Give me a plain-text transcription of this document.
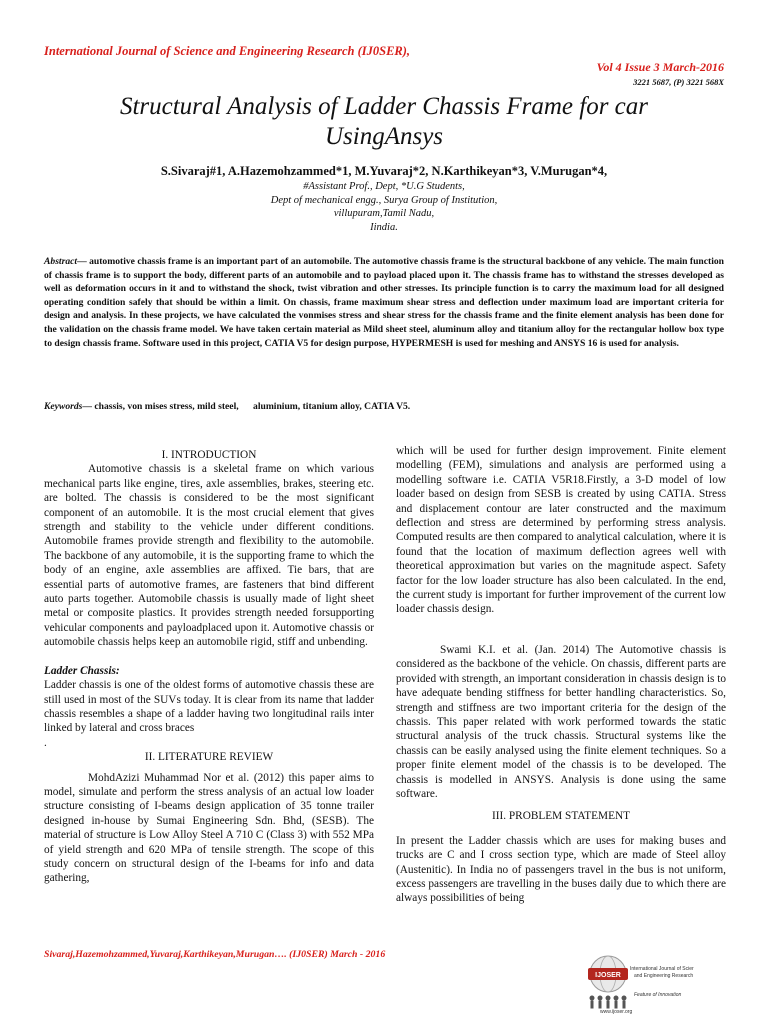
International Journal of Science and Engineering Research (IJ0SER),
Vol 4 Issue 3 March-2016
3221 5687, (P) 3221 568X
Structural Analysis of Ladder Chassis Frame for car
UsingAnsys
S.Sivaraj#1, A.Hazemohzammed*1, M.Yuvaraj*2, N.Karthikeyan*3, V.Murugan*4,
#Assistant Prof., Dept, *U.G Students,
Dept of mechanical engg., Surya Group of Institution,
villupuram,Tamil Nadu,
Iindia.
Abstract— automotive chassis frame is an important part of an automobile. The automotive chassis frame is the structural backbone of any vehicle. The main function of chassis frame is to support the body, different parts of an automobile and to payload placed upon it. The chassis frame has to withstand the stresses developed as well as deformation occurs in it and to withstand the shock, twist vibration and other stresses. Its principle function is to carry the maximum load for all designed operating condition safely that should be within a limit. On chassis, frame maximum shear stress and deflection under maximum load are important criteria for design and analysis. In these projects, we have calculated the vonmises stress and shear stress for the chassis frame and the finite element analysis has been done for the validation on the chassis frame model. We have taken certain material as Mild sheet steel, aluminum alloy and titanium alloy for the rectangular hollow box type to design chassis frame. Software used in this project, CATIA V5 for design purpose, HYPERMESH is used for meshing and ANSYS 16 is used for analysis.
Keywords— chassis, von mises stress, mild steel,      aluminium, titanium alloy, CATIA V5.

I. INTRODUCTION

Automotive chassis is a skeletal frame on which various mechanical parts like engine, tires, axle assemblies, brakes, steering etc. are bolted. The chassis is considered to be the most significant component of an automobile. It is the most crucial element that gives strength and stability to the vehicle under different conditions. Automobile frames provide strength and flexibility to the automobile. The backbone of any automobile, it is the supporting frame to which the body of an engine, axle assemblies are affixed. Tie bars, that are essential parts of automotive frames, are fasteners that bind different auto parts together. Automobile chassis is usually made of light sheet metal or composite plastics. It provides strength needed forsupporting vehicular components and payloadplaced upon it. Automotive chassis or automobile chassis helps keep an automobile rigid, stiff and unbending.

Ladder Chassis:

Ladder chassis is one of the oldest forms of automotive chassis these are still used in most of the SUVs today. It is clear from its name that ladder chassis resembles a shape of a ladder having two longitudinal rails inter linked by lateral and cross braces

.

II. LITERATURE REVIEW

MohdAzizi Muhammad Nor et al. (2012) this paper aims to model, simulate and perform the stress analysis of an actual low loader structure consisting of I-beams design application of 35 tonne trailer designed in-house by Sumai Engineering Sdn. Bhd, (SESB). The material of structure is Low Alloy Steel A 710 C (Class 3) with 552 MPa of yield strength and 620 MPa of tensile strength. The scope of this study concern on structural design of the I-beams for info and data gathering,

which will be used for further design improvement. Finite element modelling (FEM), simulations and analysis are performed using a modelling software i.e. CATIA V5R18.Firstly, a 3-D model of low loader based on design from SESB is created by using CATIA. Stress and displacement contour are later constructed and the maximum deflection and stress are determined by performing stress analysis. Computed results are then compared to analytical calculation, where it is found that the location of maximum deflection agrees well with theoretical approximation but varies on the magnitude aspect. Safety factor for the low loader structure has also been calculated. In the end, the current study is important for further improvement of the current low loader chassis design.

Swami K.I. et al. (Jan. 2014) The Automotive chassis is considered as the backbone of the vehicle. On chassis, different parts are provided with strength, an important consideration in chassis design is to have adequate bending stiffness for better handling characteristics. So, strength and stiffness are two important criteria for the design of the chassis. This paper related with work performed towards the static structural analysis of the truck chassis. Structural systems like the chassis can be easily analysed using the finite element techniques. So a proper finite element model of the chassis is to be developed. The chassis is modelled in ANSYS. Analysis is done using the same software.

III. PROBLEM STATEMENT

In present the Ladder chassis which are uses for making buses and trucks are C and I cross section type, which are made of Steel alloy (Austenitic). In India no of passengers travel in the bus is not uniform, excess passengers are travelling in the buses daily due to which there are always possibilities of being

Sivaraj,Hazemohzammed,Yuvaraj,Karthikeyan,Murugan…. (IJ0SER) March - 2016
IJOSER
International Journal of Scier
and Engineering Research
Feature of Innovation
www.ijoser.org
